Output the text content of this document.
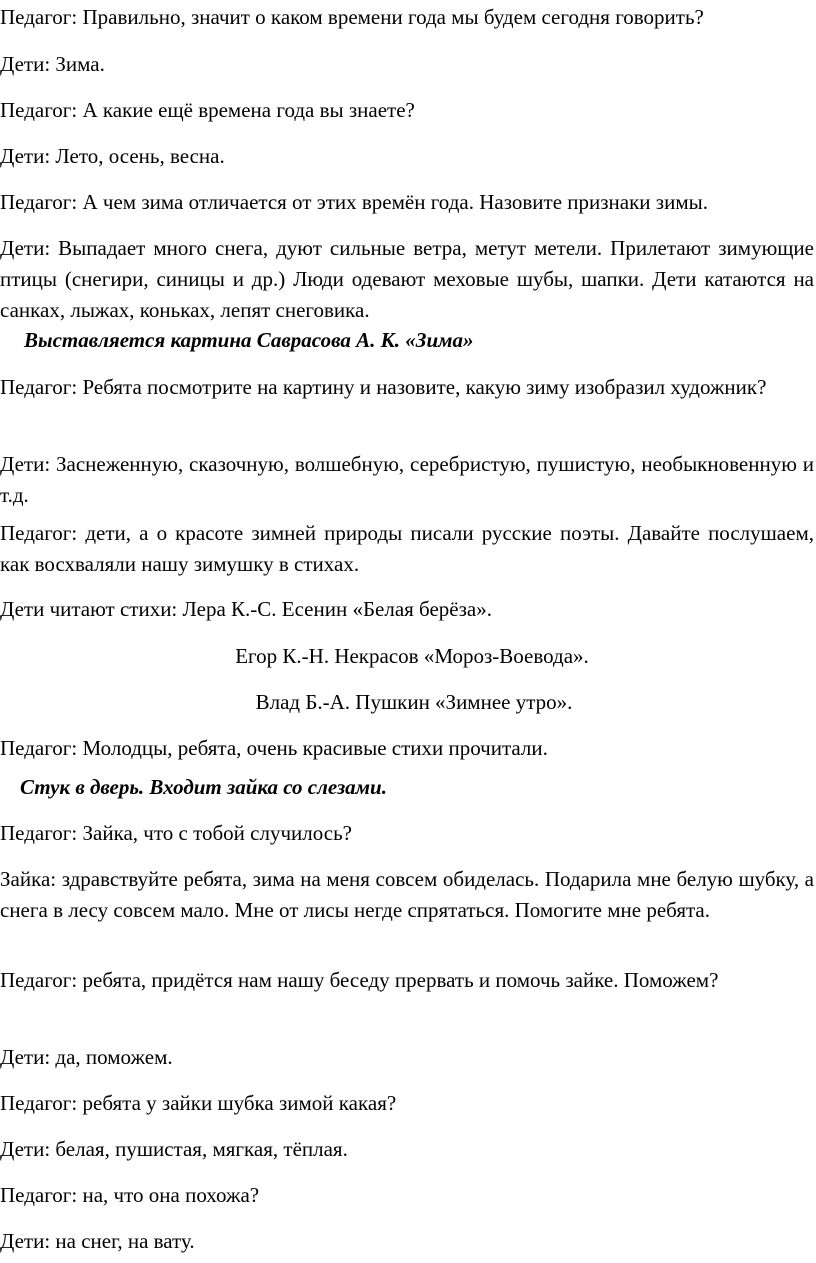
Педагог: Правильно, значит о каком времени года мы будем сегодня говорить?
Дети: Зима.
Педагог: А какие ещё времена года вы знаете?
Дети: Лето, осень, весна.
Педагог: А чем зима отличается от этих времён года. Назовите признаки зимы.
Дети: Выпадает много снега, дуют сильные ветра, метут метели. Прилетают зимующие птицы (снегири, синицы и др.) Люди одевают меховые шубы, шапки. Дети катаются на санках, лыжах, коньках, лепят снеговика.
Выставляется картина Саврасова А. К. «Зима»
Педагог: Ребята посмотрите на картину и назовите, какую зиму изобразил художник?
Дети: Заснеженную, сказочную, волшебную, серебристую, пушистую, необыкновенную и т.д.
Педагог: дети, а о красоте зимней природы писали русские поэты. Давайте послушаем, как восхваляли нашу зимушку в стихах.
Дети читают стихи: Лера К.-С. Есенин «Белая берёза».
Егор К.-Н. Некрасов «Мороз-Воевода».
Влад Б.-А. Пушкин «Зимнее утро».
Педагог: Молодцы, ребята, очень красивые стихи прочитали.
Стук в дверь. Входит зайка со слезами.
Педагог: Зайка, что с тобой случилось?
Зайка: здравствуйте ребята, зима на меня совсем обиделась. Подарила мне белую шубку, а снега в лесу совсем мало. Мне от лисы негде спрятаться. Помогите мне ребята.
Педагог: ребята, придётся нам нашу беседу прервать и помочь зайке. Поможем?
Дети: да, поможем.
Педагог: ребята у зайки шубка зимой какая?
Дети: белая, пушистая, мягкая, тёплая.
Педагог: на, что она похожа?
Дети: на снег, на вату.
